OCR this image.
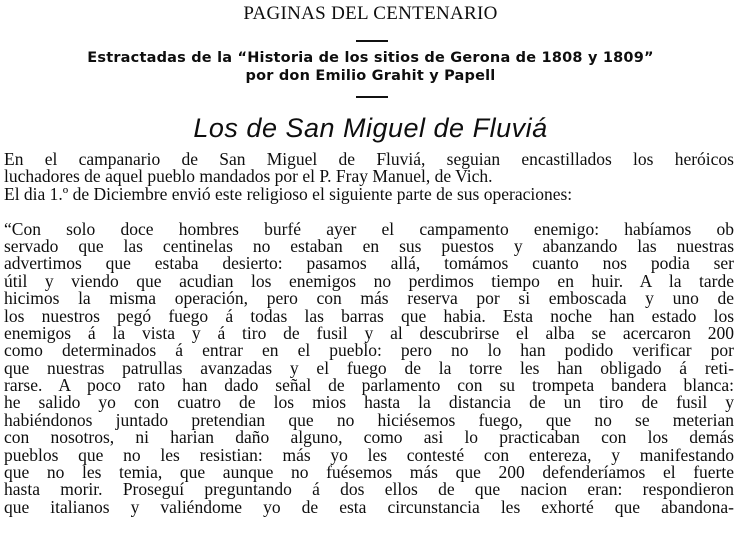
PAGINAS DEL CENTENARIO
Estractadas de la “Historia de los sitios de Gerona de 1808 y 1809”
por don Emilio Grahit y Papell
Los de San Miguel de Fluviá
En el campanario de San Miguel de Fluviá, seguian encastillados los heróicos
luchadores de aquel pueblo mandados por el P. Fray Manuel, de Vich.
El dia 1.º de Diciembre envió este religioso el siguiente parte de sus operaciones:
“Con solo doce hombres burfé ayer el campamento enemigo: habíamos ob
servado que las centinelas no estaban en sus puestos y abanzando las nuestras
advertimos que estaba desierto: pasamos allá, tomámos cuanto nos podia ser
útil y viendo que acudian los enemigos no perdimos tiempo en huir. A la tarde
hicimos la misma operación, pero con más reserva por si emboscada y uno de
los nuestros pegó fuego á todas las barras que habia. Esta noche han estado los
enemigos á la vista y á tiro de fusil y al descubrirse el alba se acercaron 200
como determinados á entrar en el pueblo: pero no lo han podido verificar por
que nuestras patrullas avanzadas y el fuego de la torre les han obligado á reti-
rarse. A poco rato han dado señal de parlamento con su trompeta bandera blanca:
he salido yo con cuatro de los mios hasta la distancia de un tiro de fusil y
habiéndonos juntado pretendian que no hiciésemos fuego, que no se meterian
con nosotros, ni harian daño alguno, como asi lo practicaban con los demás
pueblos que no les resistian: más yo les contesté con entereza, y manifestando
que no les temia, que aunque no fuésemos más que 200 defenderíamos el fuerte
hasta morir. Proseguí preguntando á dos ellos de que nacion eran: respondieron
que italianos y valiéndome yo de esta circunstancia les exhorté que abandona-
